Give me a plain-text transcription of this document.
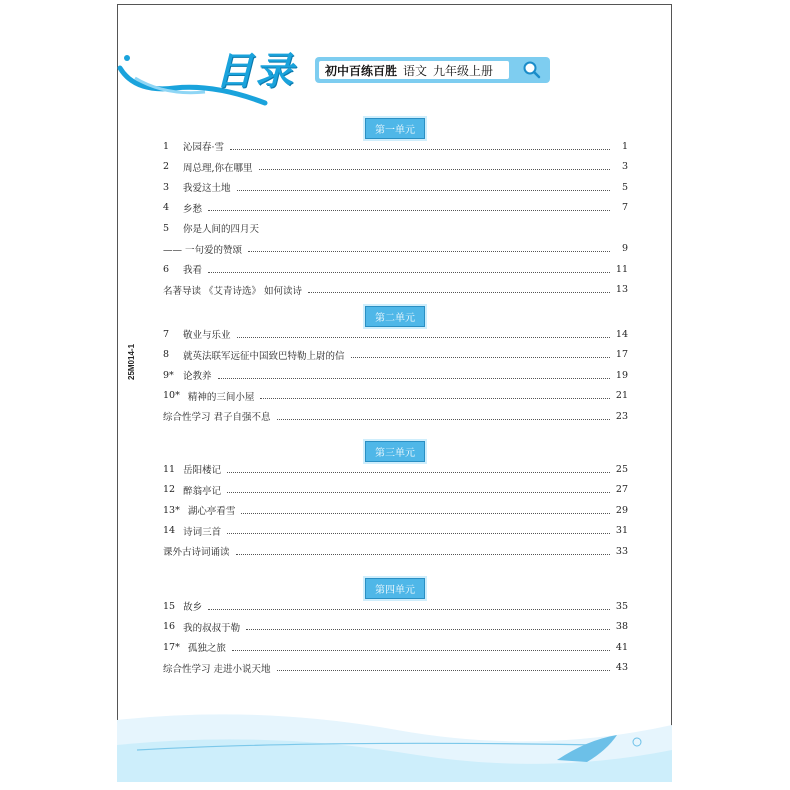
25M014-1
目录 初中百练百胜 语文 九年级上册
第一单元
1	沁园春·雪	1
2	周总理,你在哪里	3
3	我爱这土地	5
4	乡愁	7
5	你是人间的四月天
—— 一句爱的赞颂	9
6	我看	11
名著导读 《艾青诗选》 如何读诗	13
第二单元
7	敬业与乐业	14
8	就英法联军远征中国致巴特勒上尉的信	17
9* 论教养	19
10* 精神的三间小屋	21
综合性学习 君子自强不息	23
第三单元
11 岳阳楼记	25
12 醉翁亭记	27
13* 湖心亭看雪	29
14 诗词三首	31
课外古诗词诵读	33
第四单元
15 故乡	35
16 我的叔叔于勒	38
17* 孤独之旅	41
综合性学习 走进小说天地	43
